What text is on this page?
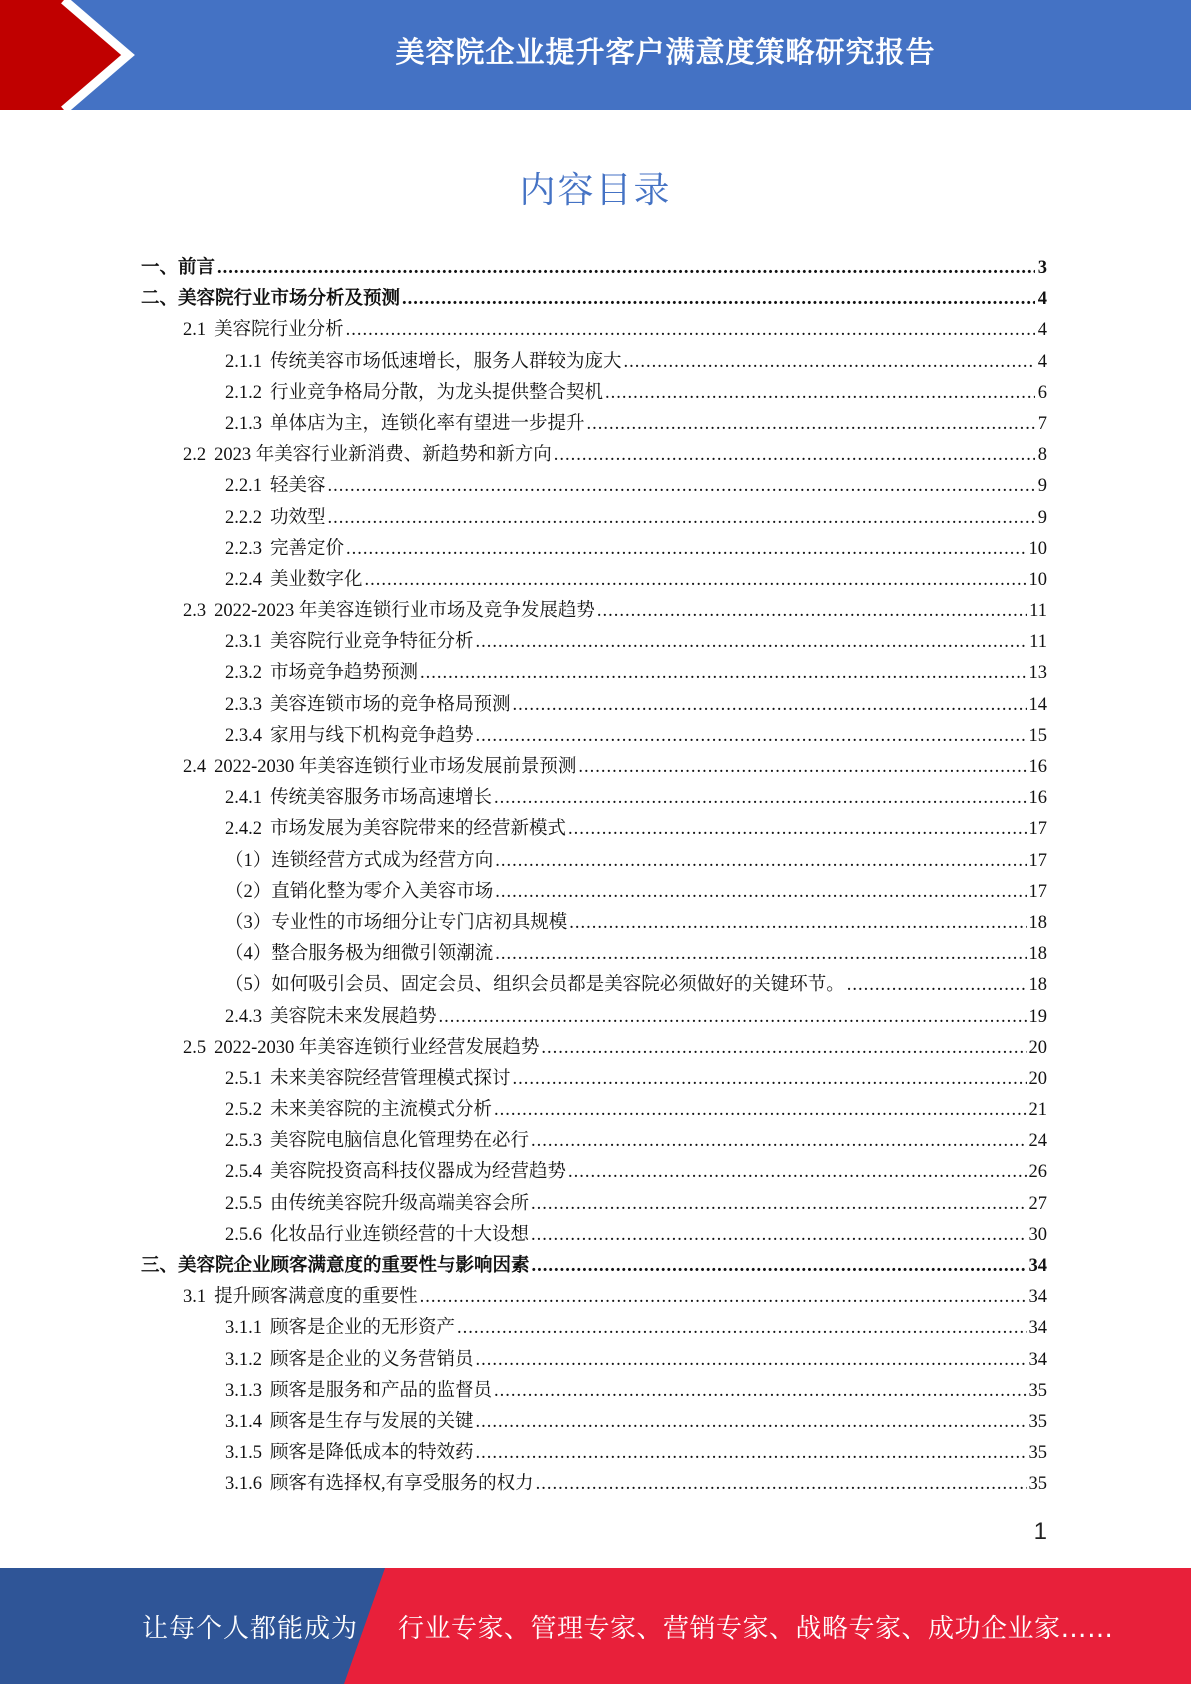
美容院企业提升客户满意度策略研究报告
内容目录
一、 前言 .....	3
二、 美容院行业市场分析及预测 .....	4
2.1 美容院行业分析 .....	4
2.1.1 传统美容市场低速增长，服务人群较为庞大 .....	4
2.1.2 行业竞争格局分散，为龙头提供整合契机 .....	6
2.1.3 单体店为主，连锁化率有望进一步提升 .....	7
2.2 2023 年美容行业新消费、新趋势和新方向 .....	8
2.2.1 轻美容 .....	9
2.2.2 功效型 .....	9
2.2.3 完善定价 .....	10
2.2.4 美业数字化 .....	10
2.3 2022-2023 年美容连锁行业市场及竞争发展趋势 .....	11
2.3.1 美容院行业竞争特征分析 .....	11
2.3.2 市场竞争趋势预测 .....	13
2.3.3 美容连锁市场的竞争格局预测 .....	14
2.3.4 家用与线下机构竞争趋势 .....	15
2.4 2022-2030 年美容连锁行业市场发展前景预测 .....	16
2.4.1 传统美容服务市场高速增长 .....	16
2.4.2 市场发展为美容院带来的经营新模式 .....	17
（1） 连锁经营方式成为经营方向 .....	17
（2） 直销化整为零介入美容市场 .....	17
（3） 专业性的市场细分让专门店初具规模 .....	18
（4） 整合服务极为细微引领潮流 .....	18
（5） 如何吸引会员、固定会员、组织会员都是美容院必须做好的关键环节。 .....	18
2.4.3 美容院未来发展趋势 .....	19
2.5 2022-2030 年美容连锁行业经营发展趋势 .....	20
2.5.1 未来美容院经营管理模式探讨 .....	20
2.5.2 未来美容院的主流模式分析 .....	21
2.5.3 美容院电脑信息化管理势在必行 .....	24
2.5.4 美容院投资高科技仪器成为经营趋势 .....	26
2.5.5 由传统美容院升级高端美容会所 .....	27
2.5.6 化妆品行业连锁经营的十大设想 .....	30
三、 美容院企业顾客满意度的重要性与影响因素 .....	34
3.1 提升顾客满意度的重要性 .....	34
3.1.1 顾客是企业的无形资产 .....	34
3.1.2 顾客是企业的义务营销员 .....	34
3.1.3 顾客是服务和产品的监督员 .....	35
3.1.4 顾客是生存与发展的关键 .....	35
3.1.5 顾客是降低成本的特效药 .....	35
3.1.6 顾客有选择权,有享受服务的权力 .....	35
1
让每个人都能成为 行业专家、管理专家、营销专家、战略专家、成功企业家……
